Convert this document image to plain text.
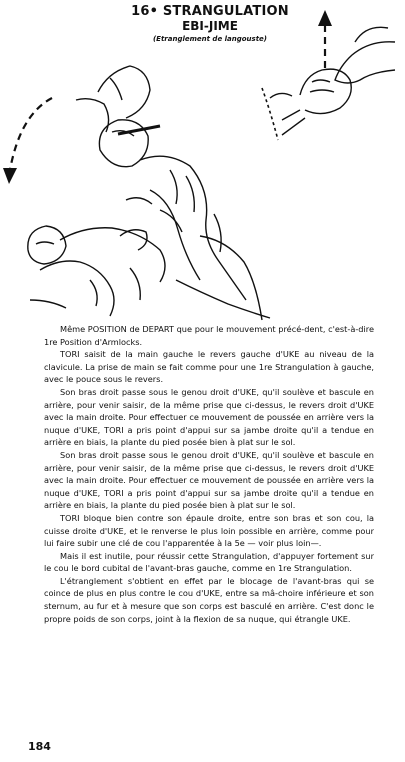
16• STRANGULATION
EBI-JIME
(Etranglement de langouste)

Même POSITION de DEPART que pour le mouvement précé-dent, c'est-à-dire 1re Position d'Armlocks.

TORI saisit de la main gauche le revers gauche d'UKE au niveau de la clavicule. La prise de main se fait comme pour une 1re Strangulation à gauche, avec le pouce sous le revers.

Son bras droit passe sous le genou droit d'UKE, qu'il soulève et bascule en arrière, pour venir saisir, de la même prise que ci-dessus, le revers droit d'UKE avec la main droite. Pour effectuer ce mouvement de poussée en arrière vers la nuque d'UKE, TORI a pris point d'appui sur sa jambe droite qu'il a tendue en arrière en biais, la plante du pied posée bien à plat sur le sol.

Son bras droit passe sous le genou droit d'UKE, qu'il soulève et bascule en arrière, pour venir saisir, de la même prise que ci-dessus, le revers droit d'UKE avec la main droite. Pour effectuer ce mouvement de poussée en arrière vers la nuque d'UKE, TORI a pris point d'appui sur sa jambe droite qu'il a tendue en arrière en biais, la plante du pied posée bien à plat sur le sol.

TORI bloque bien contre son épaule droite, entre son bras et son cou, la cuisse droite d'UKE, et le renverse le plus loin possible en arrière, comme pour lui faire subir une clé de cou l'apparentée à la 5e — voir plus loin—.

Mais il est inutile, pour réussir cette Strangulation, d'appuyer fortement sur le cou le bord cubital de l'avant-bras gauche, comme en 1re Strangulation.

L'étranglement s'obtient en effet par le blocage de l'avant-bras qui se coince de plus en plus contre le cou d'UKE, entre sa mâ-choire inférieure et son sternum, au fur et à mesure que son corps est basculé en arrière. C'est donc le propre poids de son corps, joint à la flexion de sa nuque, qui étrangle UKE.

184
